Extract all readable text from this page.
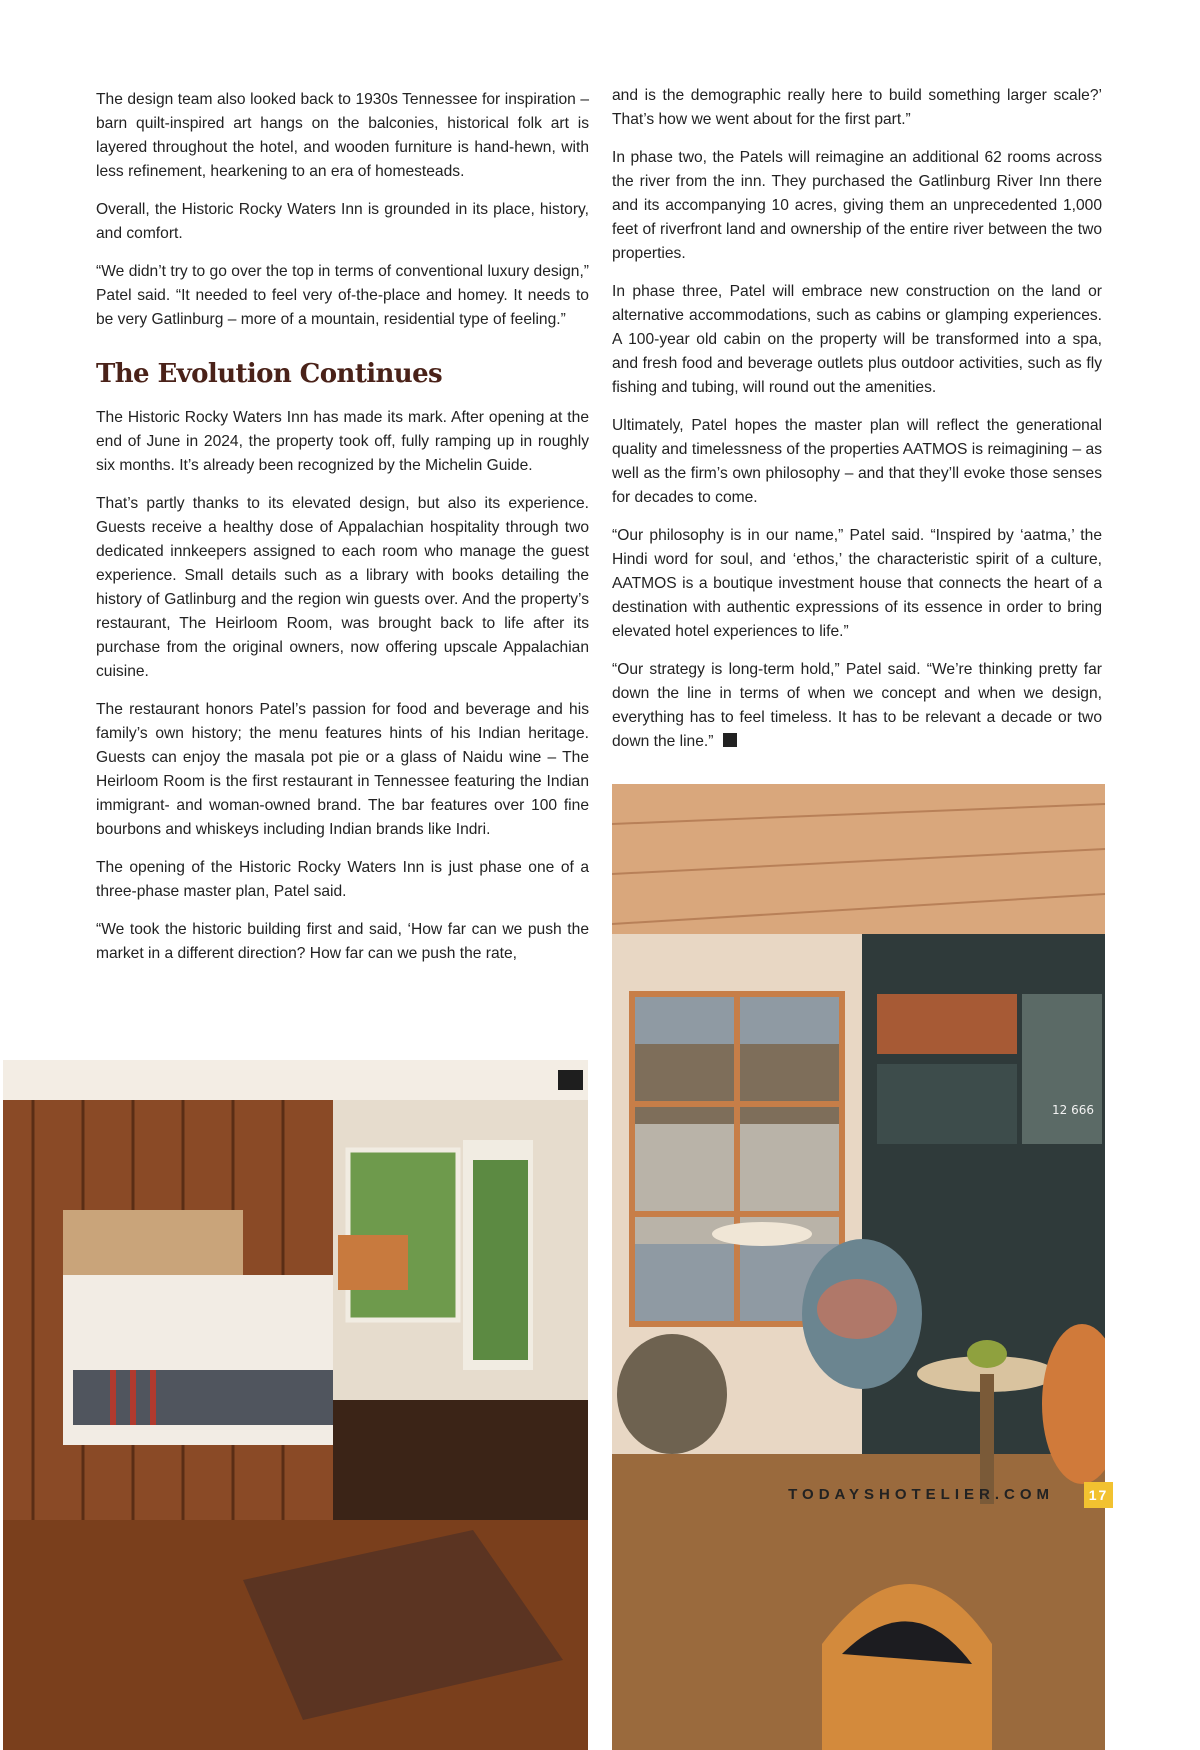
The design team also looked back to 1930s Tennessee for inspiration – barn quilt-inspired art hangs on the balconies, historical folk art is layered throughout the hotel, and wooden furniture is hand-hewn, with less refinement, hearkening to an era of homesteads.

Overall, the Historic Rocky Waters Inn is grounded in its place, history, and comfort.

“We didn’t try to go over the top in terms of conventional luxury design,” Patel said. “It needed to feel very of-the-place and homey. It needs to be very Gatlinburg – more of a mountain, residential type of feeling.”

The Evolution Continues

The Historic Rocky Waters Inn has made its mark. After opening at the end of June in 2024, the property took off, fully ramping up in roughly six months. It’s already been recognized by the Michelin Guide.

That’s partly thanks to its elevated design, but also its experience. Guests receive a healthy dose of Appalachian hospitality through two dedicated innkeepers assigned to each room who manage the guest experience. Small details such as a library with books detailing the history of Gatlinburg and the region win guests over. And the property’s restaurant, The Heirloom Room, was brought back to life after its purchase from the original owners, now offering upscale Appalachian cuisine.

The restaurant honors Patel’s passion for food and beverage and his family’s own history; the menu features hints of his Indian heritage. Guests can enjoy the masala pot pie or a glass of Naidu wine – The Heirloom Room is the first restaurant in Tennessee featuring the Indian immigrant- and woman-owned brand. The bar features over 100 fine bourbons and whiskeys including Indian brands like Indri.

The opening of the Historic Rocky Waters Inn is just phase one of a three-phase master plan, Patel said.

“We took the historic building first and said, ‘How far can we push the market in a different direction? How far can we push the rate,

and is the demographic really here to build something larger scale?’ That’s how we went about for the first part.”

In phase two, the Patels will reimagine an additional 62 rooms across the river from the inn. They purchased the Gatlinburg River Inn there and its accompanying 10 acres, giving them an unprecedented 1,000 feet of riverfront land and ownership of the entire river between the two properties.

In phase three, Patel will embrace new construction on the land or alternative accommodations, such as cabins or glamping experiences. A 100-year old cabin on the property will be transformed into a spa, and fresh food and beverage outlets plus outdoor activities, such as fly fishing and tubing, will round out the amenities.

Ultimately, Patel hopes the master plan will reflect the generational quality and timelessness of the properties AATMOS is reimagining – as well as the firm’s own philosophy – and that they’ll evoke those senses for decades to come.

“Our philosophy is in our name,” Patel said. “Inspired by ‘aatma,’ the Hindi word for soul, and ‘ethos,’ the characteristic spirit of a culture, AATMOS is a boutique investment house that connects the heart of a destination with authentic expressions of its essence in order to bring elevated hotel experiences to life.”

“Our strategy is long-term hold,” Patel said. “We’re thinking pretty far down the line in terms of when we concept and when we design, everything has to feel timeless. It has to be relevant a decade or two down the line.”

12 666
TODAYSHOTELIER.COM	17
